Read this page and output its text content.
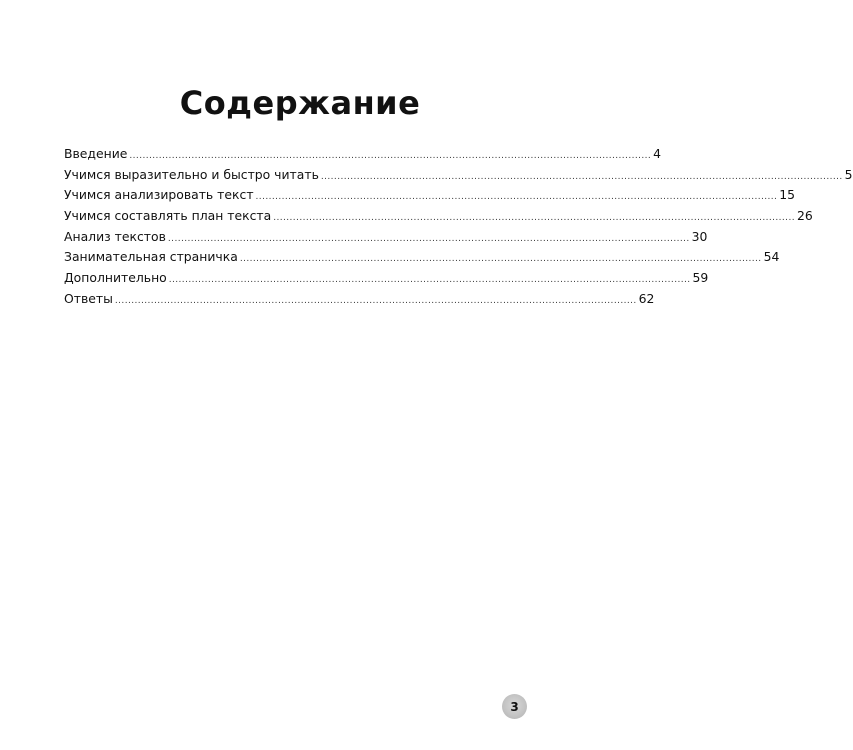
Содержание
Введение ................................................................................................................................................................ 4
Учимся выразительно и быстро читать ................................................................................................................................................................ 5
Учимся анализировать текст ................................................................................................................................................................ 15
Учимся составлять план текста ................................................................................................................................................................ 26
Анализ текстов ................................................................................................................................................................ 30
Занимательная страничка ................................................................................................................................................................ 54
Дополнительно ................................................................................................................................................................ 59
Ответы ................................................................................................................................................................ 62
3
